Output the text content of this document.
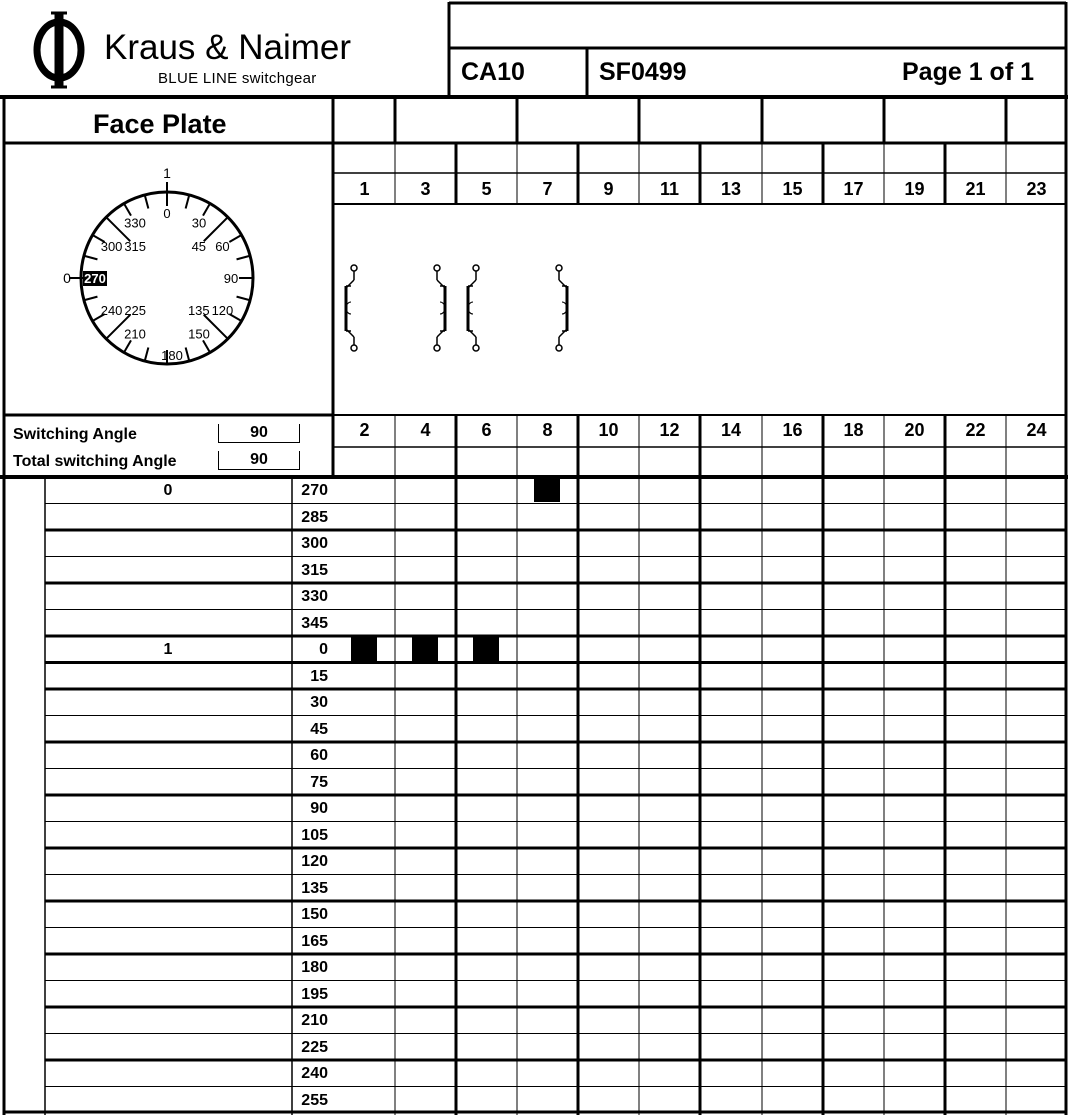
Kraus & Naimer
BLUE LINE switchgear	CA10	SF0499	Page 1 of 1
Face Plate
0
30
60
90
120
150
180
210
240
270
300
330
315	45
135
225
1
0
Switching Angle	90
Total switching Angle	90
1	3	5	7	9	11	13	15	17	19	21	23
2	4	6	8	10	12	14	16	18	20	22	24
0	270
285
300
315
330
345
1	0
15
30
45
60
75
90
105
120
135
150
165
180
195
210
225
240
255
